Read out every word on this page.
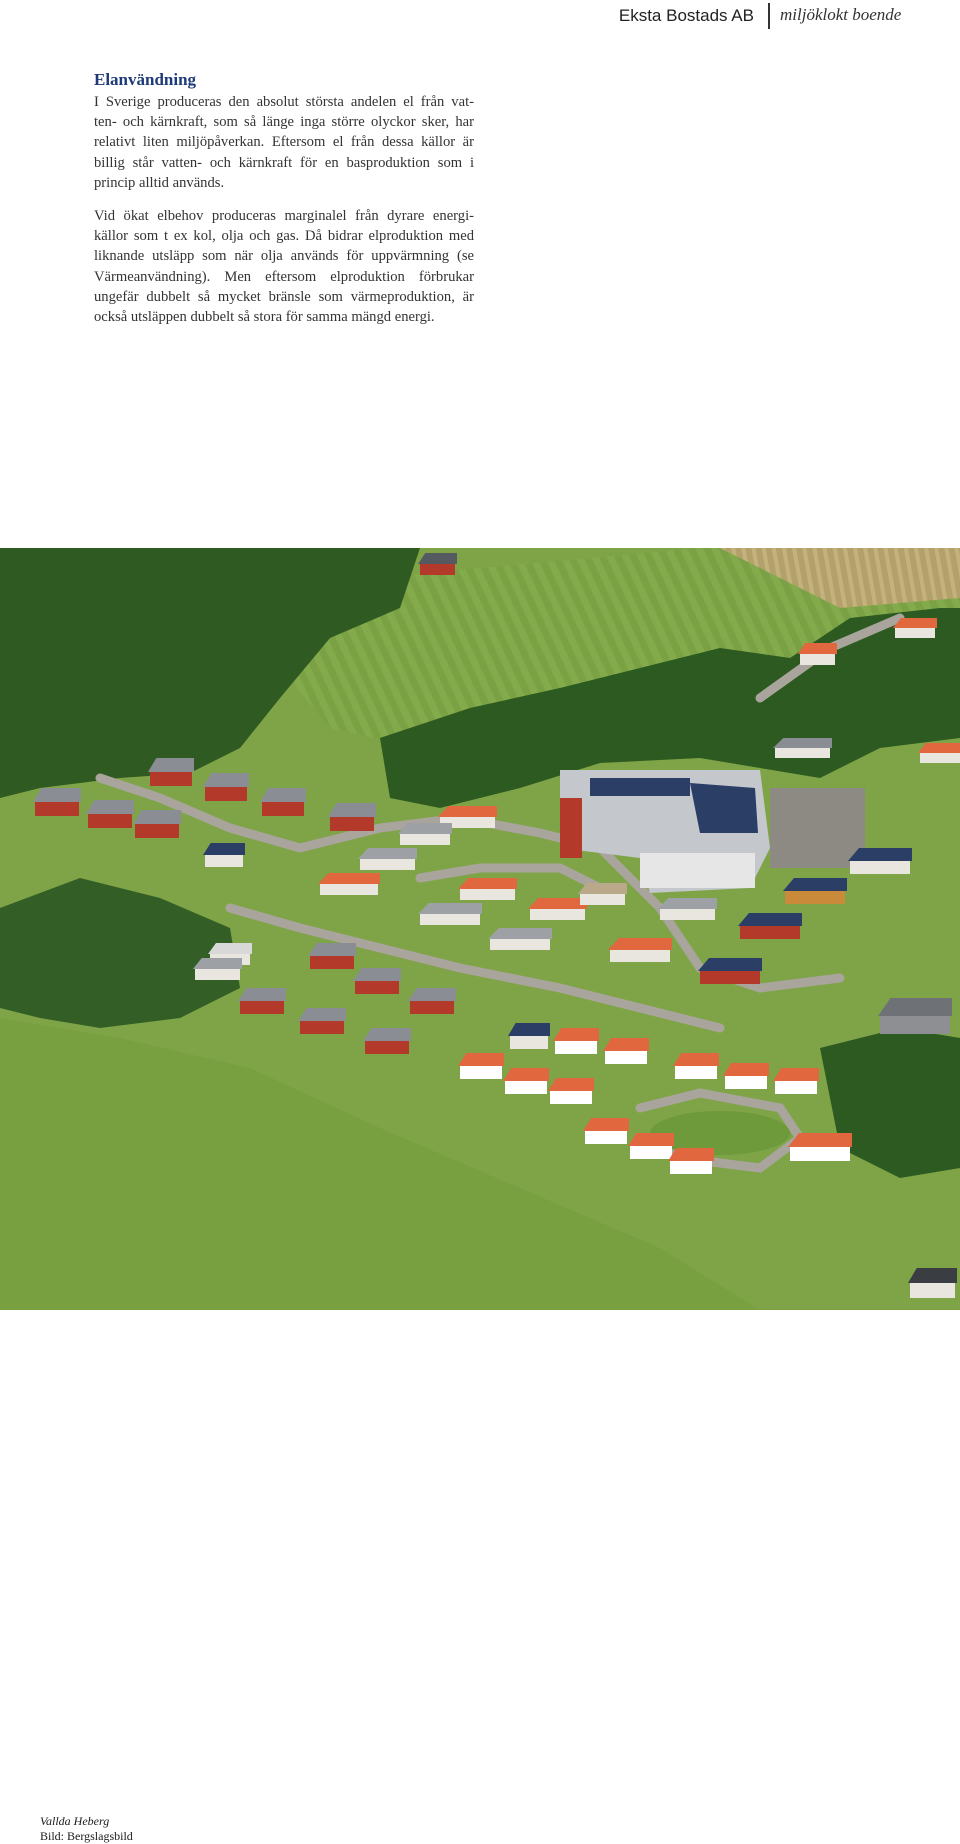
Eksta Bostads AB miljöklokt boende
Elanvändning
I Sverige produceras den absolut största andelen el från vat-
ten- och kärnkraft, som så länge inga större olyckor sker, har
relativt liten miljöpåverkan. Eftersom el från dessa källor är
billig står vatten- och kärnkraft för en basproduktion som i
princip alltid används.
Vid ökat elbehov produceras marginalel från dyrare energi-
källor som t ex kol, olja och gas. Då bidrar elproduktion med
liknande utsläpp som när olja används för uppvärmning (se
Värmeanvändning). Men eftersom elproduktion förbrukar
ungefär dubbelt så mycket bränsle som värmeproduktion, är
också utsläppen dubbelt så stora för samma mängd energi.
Vallda Heberg
Bild: Bergslagsbild
